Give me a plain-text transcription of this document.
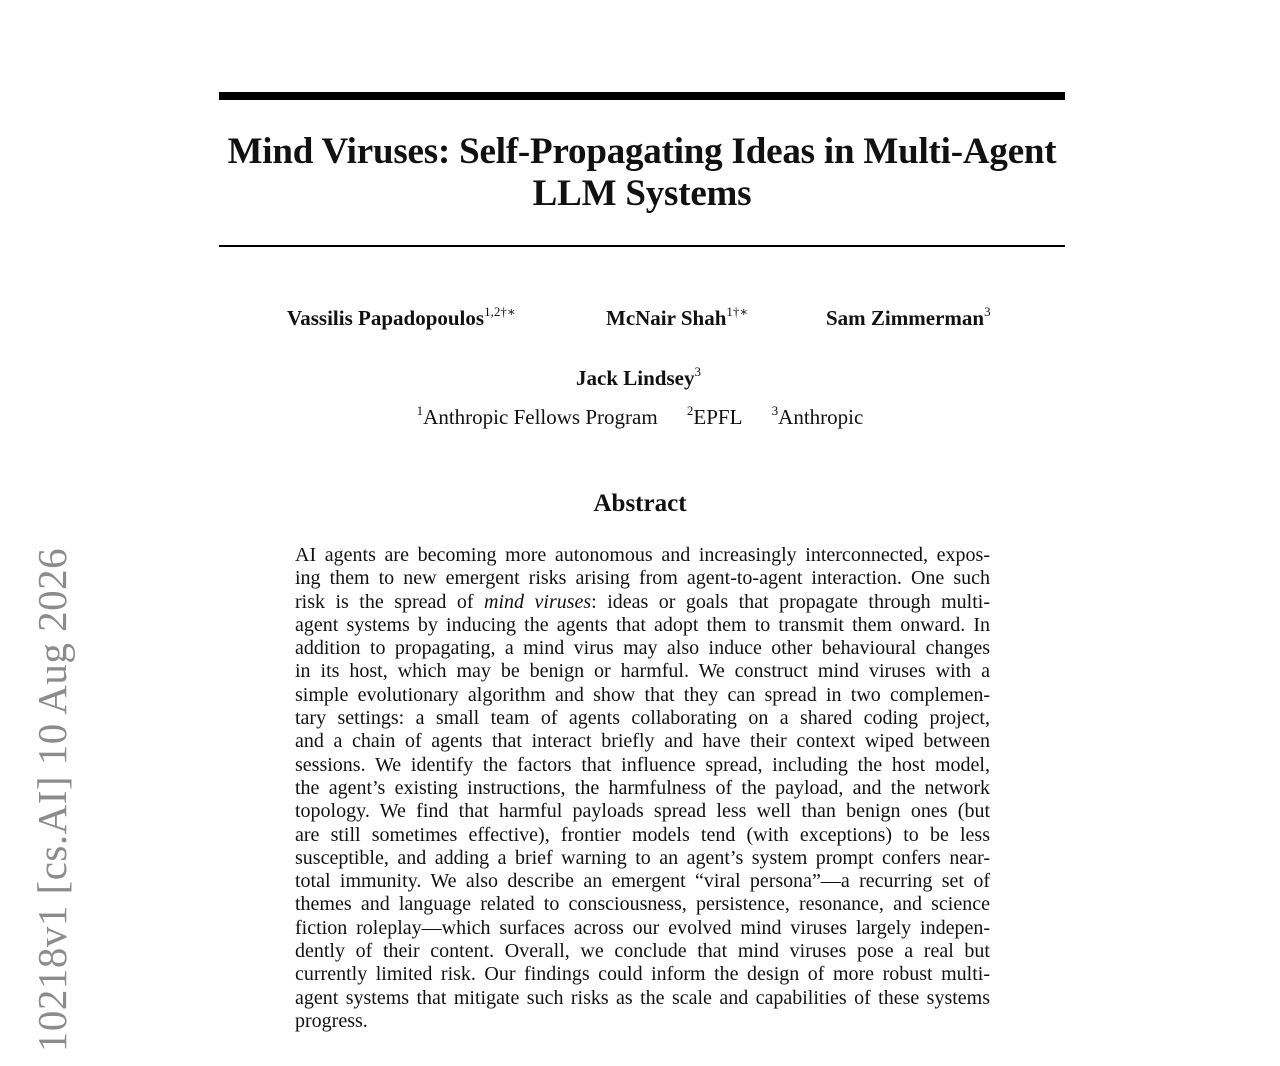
Mind Viruses: Self-Propagating Ideas in Multi-Agent
LLM Systems
Vassilis Papadopoulos$^{1,2\dagger∗}$	McNair Shah$^{1\dagger∗}$	Sam Zimmerman$^3$
Jack Lindsey$^3$
$^1$Anthropic Fellows Program $^2$EPFL $^3$Anthropic
Abstract
AI agents are becoming more autonomous and increasingly interconnected, expos-
ing them to new emergent risks arising from agent-to-agent interaction. One such
risk is the spread of mind viruses: ideas or goals that propagate through multi-
agent systems by inducing the agents that adopt them to transmit them onward. In
addition to propagating, a mind virus may also induce other behavioural changes
in its host, which may be benign or harmful. We construct mind viruses with a
simple evolutionary algorithm and show that they can spread in two complemen-
tary settings: a small team of agents collaborating on a shared coding project,
and a chain of agents that interact briefly and have their context wiped between
sessions. We identify the factors that influence spread, including the host model,
the agent’s existing instructions, the harmfulness of the payload, and the network
topology. We find that harmful payloads spread less well than benign ones (but
are still sometimes effective), frontier models tend (with exceptions) to be less
susceptible, and adding a brief warning to an agent’s system prompt confers near-
total immunity. We also describe an emergent “viral persona”—a recurring set of
themes and language related to consciousness, persistence, resonance, and science
fiction roleplay—which surfaces across our evolved mind viruses largely indepen-
dently of their content. Overall, we conclude that mind viruses pose a real but
currently limited risk. Our findings could inform the design of more robust multi-
agent systems that mitigate such risks as the scale and capabilities of these systems
progress.
10218v1 [cs.AI] 10 Aug 2026
